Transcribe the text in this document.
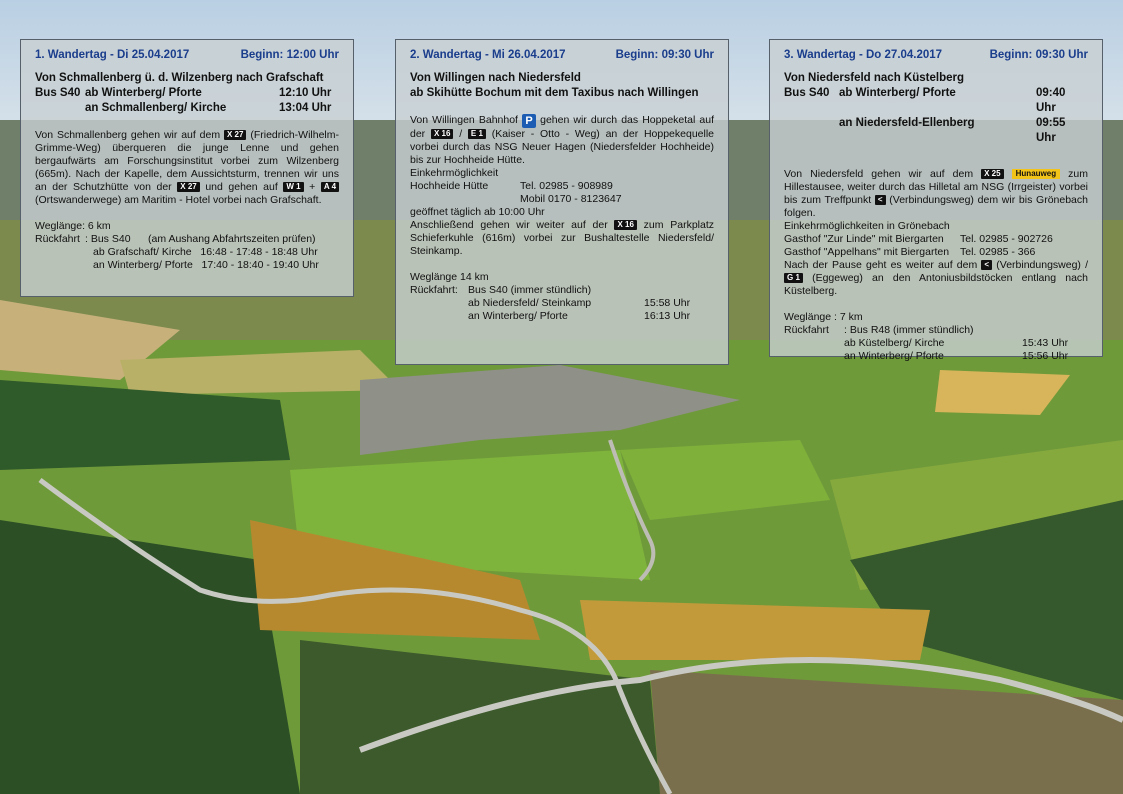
1. Wandertag - Di 25.04.2017	Beginn: 12:00 Uhr
Von Schmallenberg ü. d. Wilzenberg nach Grafschaft
Bus S40 ab Winterberg/ Pforte	12:10 Uhr
an Schmallenberg/ Kirche	13:04 Uhr

Von Schmallenberg gehen wir auf dem X 27 (Friedrich-Wilhelm-Grimme-Weg) überqueren die junge Lenne und gehen bergaufwärts am Forschungsinstitut vorbei zum Wilzenberg (665m). Nach der Kapelle, dem Aussichtsturm, trennen wir uns an der Schutzhütte von der X 27 und gehen auf W 1 + A 4 (Ortswanderwege) am Maritim - Hotel vorbei nach Grafschaft.

Weglänge: 6 km
Rückfahrt : Bus S40      (am Aushang Abfahrtszeiten prüfen)
ab Grafschaft/ Kirche   16:48 - 17:48 - 18:48 Uhr
an Winterberg/ Pforte   17:40 - 18:40 - 19:40 Uhr
2. Wandertag - Mi 26.04.2017	Beginn: 09:30 Uhr
Von Willingen nach Niedersfeld
ab Skihütte Bochum mit dem Taxibus nach Willingen

Von Willingen Bahnhof P gehen wir durch das Hoppeketal auf der X 16 / E 1 (Kaiser - Otto - Weg) an der Hoppekequelle vorbei durch das NSG Neuer Hagen (Niedersfelder Hochheide) bis zur Hochheide Hütte.

Einkehrmöglichkeit
Hochheide Hütte	Tel. 02985 - 908989
Mobil 0170 - 8123647
geöffnet täglich ab 10:00 Uhr

Anschließend gehen wir weiter auf der X 16 zum Parkplatz Schieferkuhle (616m) vorbei zur Bushaltestelle Niedersfeld/ Steinkamp.

Weglänge 14 km
Rückfahrt: Bus S40 (immer stündlich)
ab Niedersfeld/ Steinkamp	15:58 Uhr
an Winterberg/ Pforte	16:13 Uhr
3. Wandertag - Do 27.04.2017	Beginn: 09:30 Uhr
Von Niedersfeld nach Küstelberg
Bus S40 ab Winterberg/ Pforte	09:40 Uhr
an Niedersfeld-Ellenberg	09:55 Uhr

Von Niedersfeld gehen wir auf dem X 25 Hunauweg zum Hillestausee, weiter durch das Hilletal am NSG (Irrgeister) vorbei bis zum Treffpunkt < (Verbindungsweg) dem wir bis Grönebach folgen.

Einkehrmöglichkeiten in Grönebach
Gasthof "Zur Linde" mit Biergarten	Tel. 02985 - 902726
Gasthof "Appelhans" mit Biergarten	Tel. 02985 - 366

Nach der Pause geht es weiter auf dem < (Verbindungsweg) / G 1 (Eggeweg) an den Antoniusbildstöcken entlang nach Küstelberg.

Weglänge : 7 km
Rückfahrt	: Bus R48 (immer stündlich)
ab Küstelberg/ Kirche	15:43 Uhr
an Winterberg/ Pforte	15:56 Uhr
